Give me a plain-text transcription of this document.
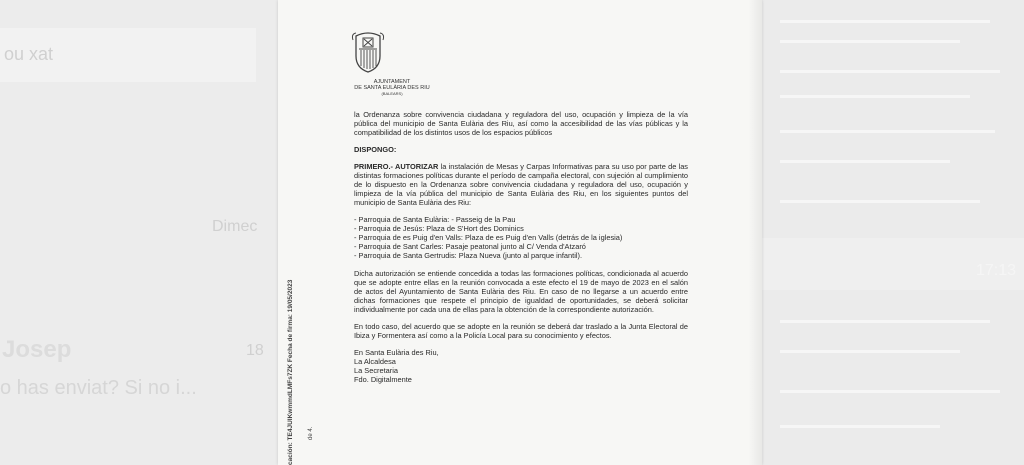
ou xat
Dimec
Josep	18
o has enviat? Si no i...
17:13
AJUNTAMENT
DE SANTA EULÀRIA DES RIU
(BALEARS)

la Ordenanza sobre convivencia ciudadana y reguladora del uso, ocupación y limpieza de la vía pública del municipio de Santa Eulària des Riu, así como la accesibilidad de las vías públicas y la compatibilidad de los distintos usos de los espacios públicos

DISPONGO:

PRIMERO.- AUTORIZAR la instalación de Mesas y Carpas Informativas para su uso por parte de las distintas formaciones políticas durante el período de campaña electoral, con sujeción al cumplimiento de lo dispuesto en la Ordenanza sobre convivencia ciudadana y reguladora del uso, ocupación y limpieza de la vía pública del municipio de Santa Eulària des Riu, en los siguientes puntos del municipio de Santa Eulària des Riu:

- Parroquia de Santa Eulària: - Passeig de la Pau

- Parroquia de Jesús: Plaza de S'Hort des Dominics

- Parroquia de es Puig d'en Valls: Plaza de es Puig d'en Valls (detrás de la iglesia)

- Parroquia de Sant Carles: Pasaje peatonal junto al C/ Venda d'Atzaró

- Parroquia de Santa Gertrudis: Plaza Nueva (junto al parque infantil).

Dicha autorización se entiende concedida a todas las formaciones políticas, condicionada al acuerdo que se adopte entre ellas en la reunión convocada a este efecto el 19 de mayo de 2023 en el salón de actos del Ayuntamiento de Santa Eulària des Riu. En caso de no llegarse a un acuerdo entre dichas formaciones que respete el principio de igualdad de oportunidades, se deberá solicitar individualmente por cada una de ellas para la obtención de la correspondiente autorización.

En todo caso, del acuerdo que se adopte en la reunión se deberá dar traslado a la Junta Electoral de Ibiza y Formentera así como a la Policía Local para su conocimiento y efectos.

En Santa Eulària des Riu,

La Alcaldesa

La Secretaria

Fdo. Digitalmente

cación: TE4JUIKwmmdLMFs7ZK Fecha de firma: 19/05/2023 de 4.
